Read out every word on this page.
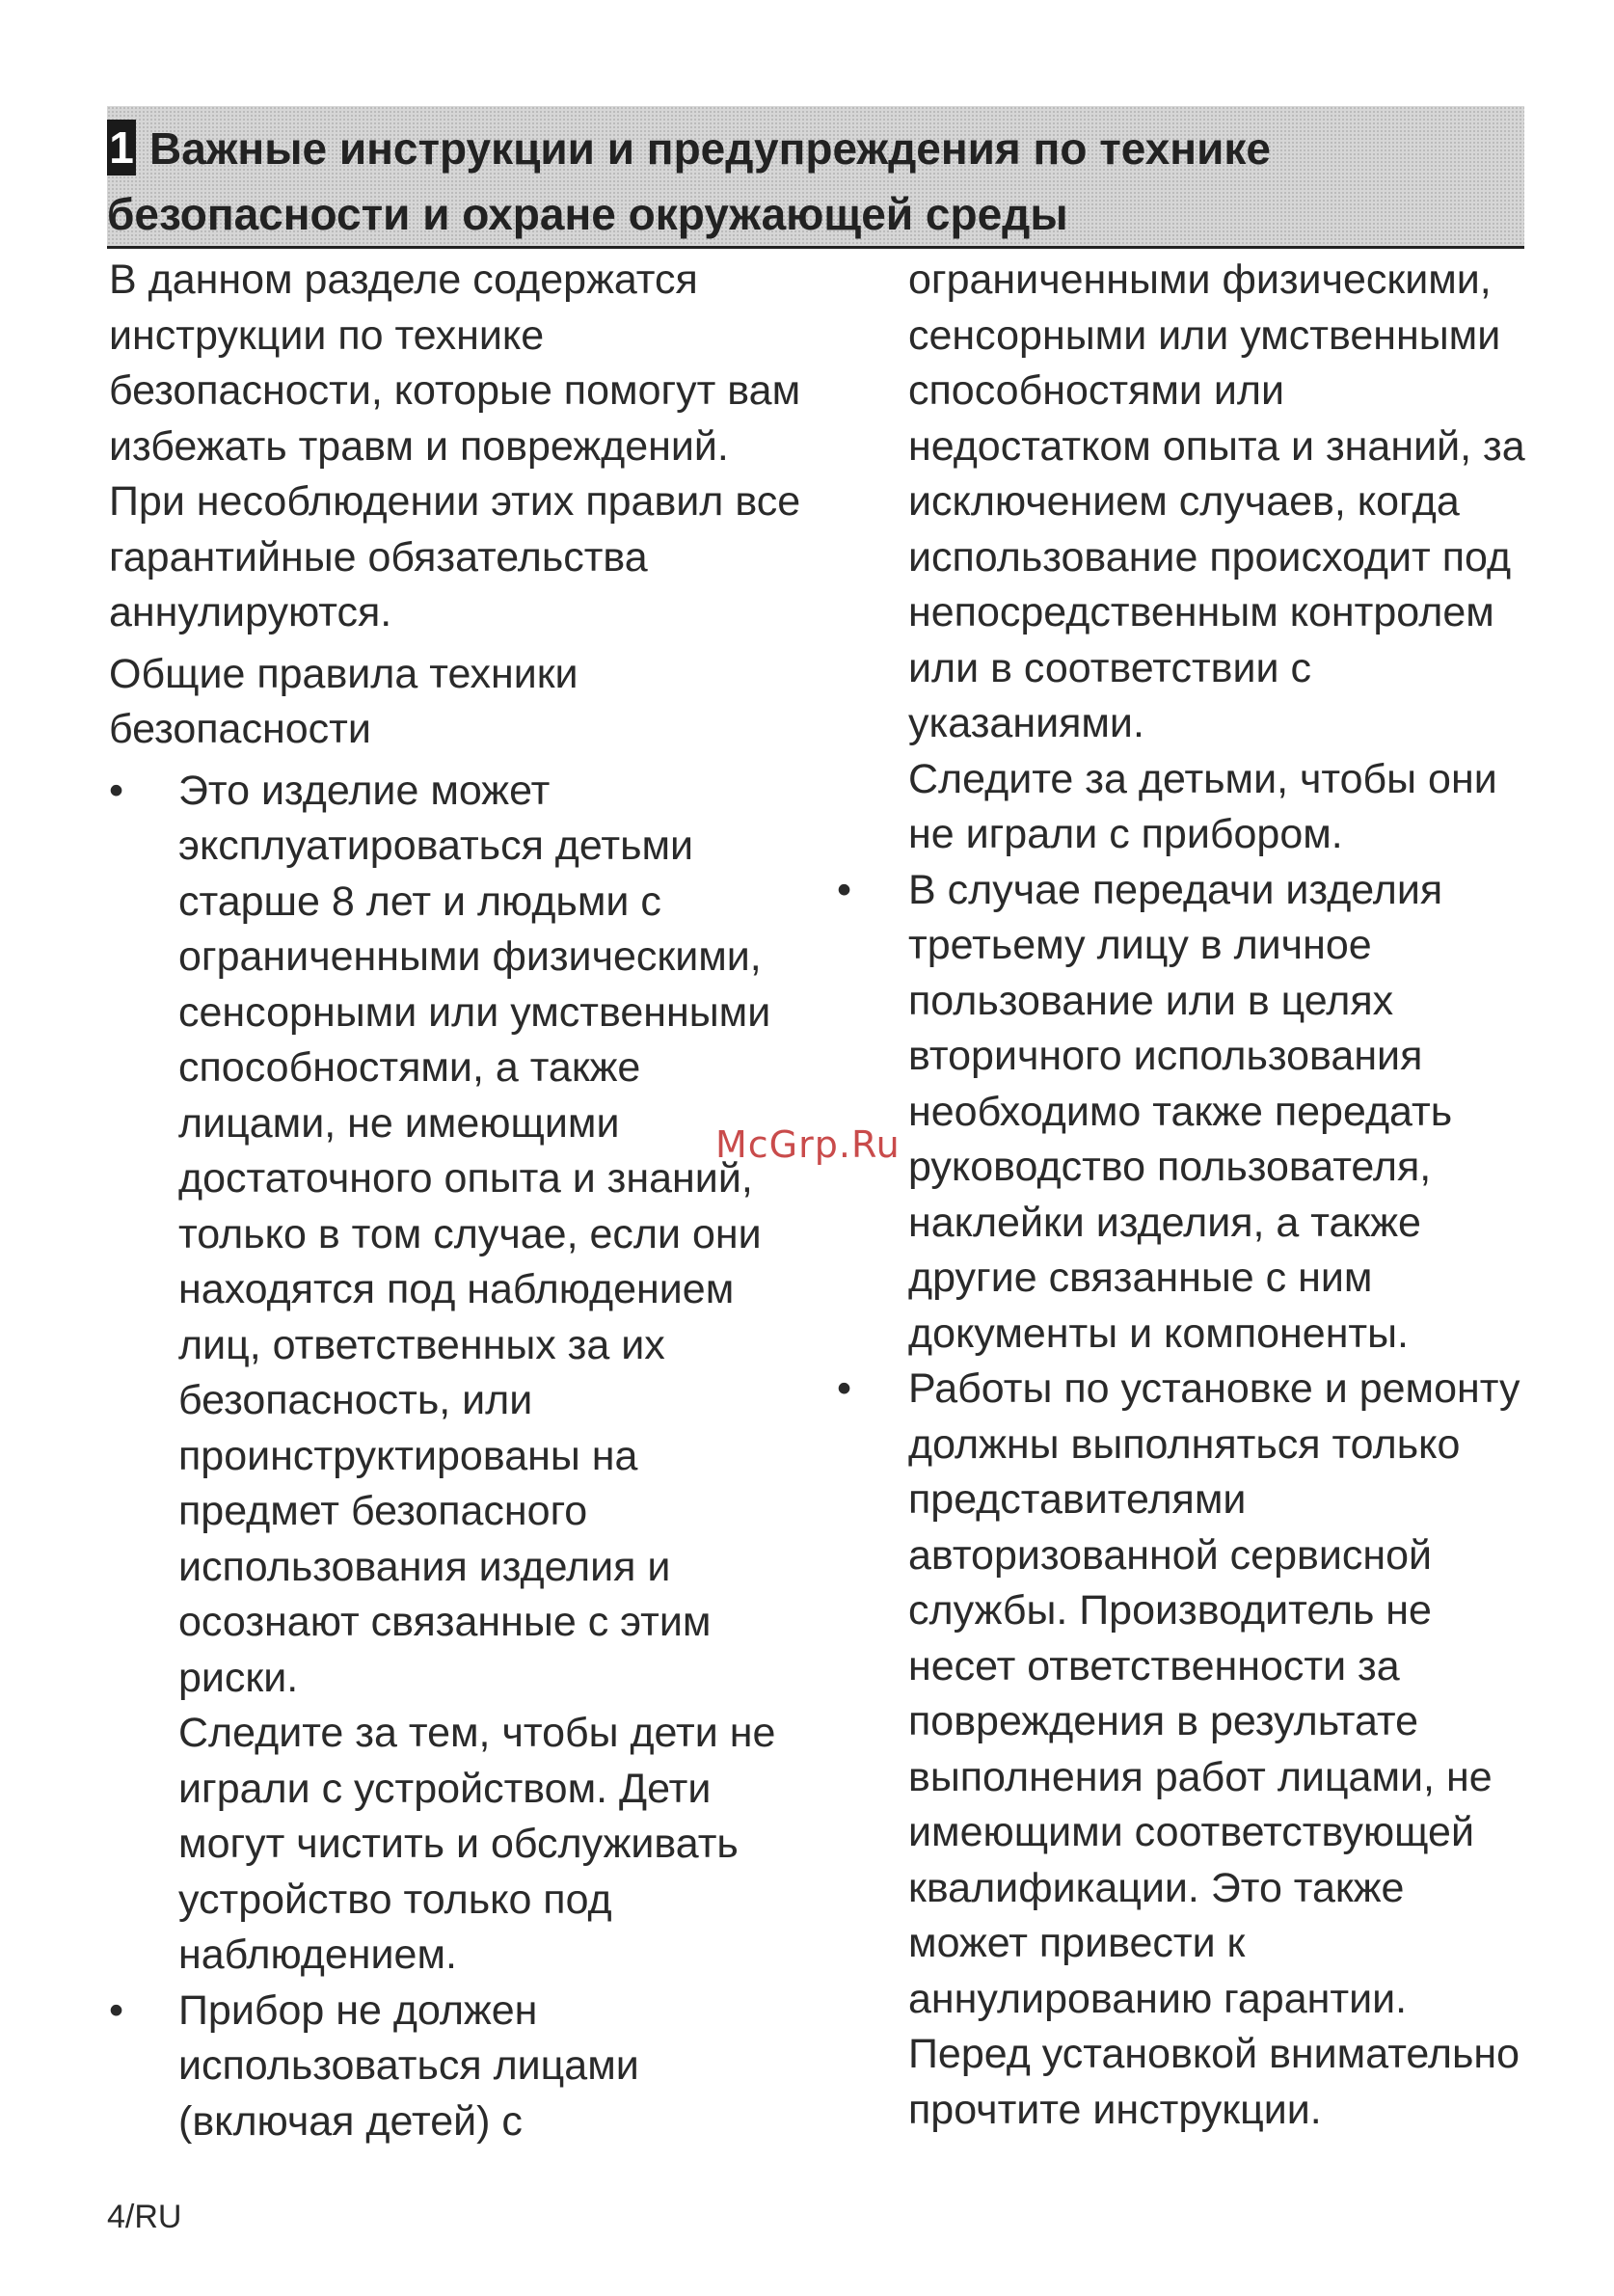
1 Важные инструкции и предупреждения по технике безопасности и охране окружающей среды

В данном разделе содержатся инструкции по технике безопасности, которые помогут вам избежать травм и повреждений. При несоблюдении этих правил все гарантийные обязательства аннулируются.

Общие правила техники безопасности

• Это изделие может эксплуатироваться детьми старше 8 лет и людьми с ограниченными физическими, сенсорными или умственными способностями, а также лицами, не имеющими достаточного опыта и знаний, только в том случае, если они находятся под наблюдением лиц, ответственных за их безопасность, или проинструктированы на предмет безопасного использования изделия и осознают связанные с этим риски.
Следите за тем, чтобы дети не играли с устройством. Дети могут чистить и обслуживать устройство только под наблюдением.
• Прибор не должен использоваться лицами (включая детей) с

ограниченными физическими, сенсорными или умственными способностями или недостатком опыта и знаний, за исключением случаев, когда использование происходит под непосредственным контролем или в соответствии с указаниями.

Следите за детьми, чтобы они не играли с прибором.

• В случае передачи изделия третьему лицу в личное пользование или в целях вторичного использования необходимо также передать руководство пользователя, наклейки изделия, а также другие связанные с ним документы и компоненты.
• Работы по установке и ремонту должны выполняться только представителями авторизованной сервисной службы. Производитель не несет ответственности за повреждения в результате выполнения работ лицами, не имеющими соответствующей квалификации. Это также может привести к аннулированию гарантии. Перед установкой внимательно прочтите инструкции.
McGrp.Ru
4/RU
